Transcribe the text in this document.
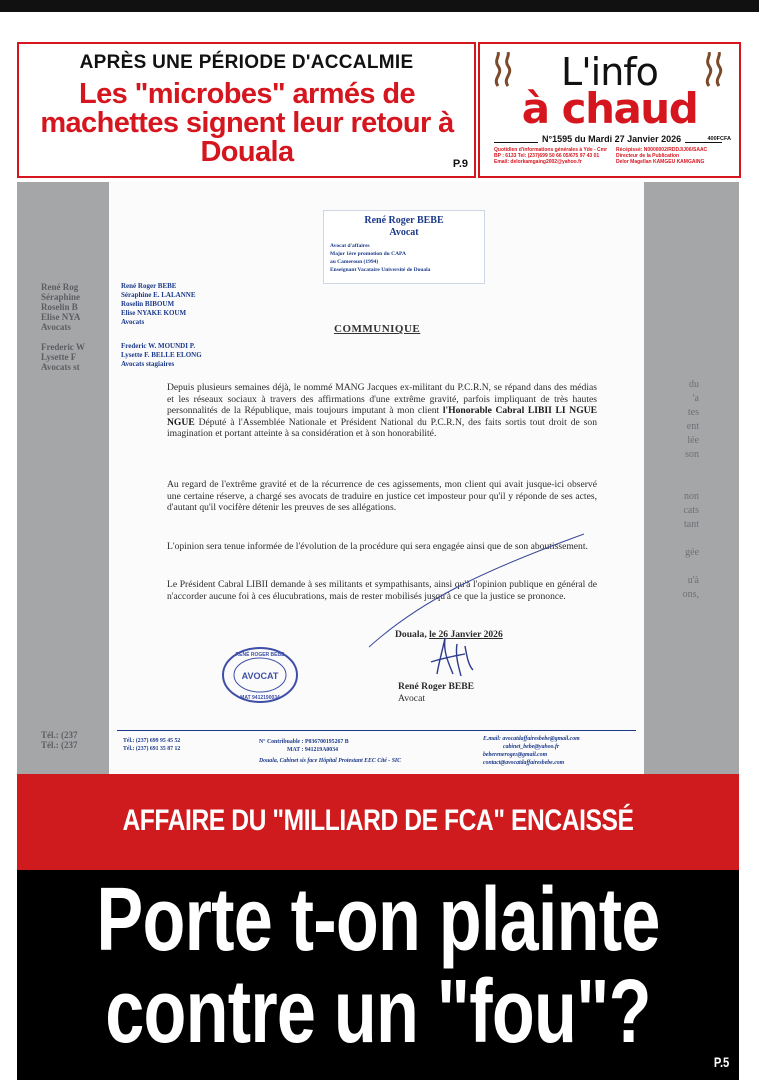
APRÈS UNE PÉRIODE D'ACCALMIE
Les "microbes" armés de machettes signent leur retour à Douala	P.9
L'info
à chaud
N°1595 du Mardi 27 Janvier 2026	400FCFA
Quotidien d'informations générales à Yde - Cmr
BP : 6133 Tel: (237)699 50 66 05/675 97 43 01
Email: delorkamgaing2002@yahoo.fr
Récépissé: N0000002/RDDJ/J06/SAAC
Directeur de la Publication
Delor Magellan KAMGEU KAMGAING
René Rog
Séraphine
Roselin B
Elise NYA
Avocats

Frederic W
Lysette F
Avocats st
Tél.: (237
Tél.: (237
du
'a
tes
ent
lée
son

non
cats
tant

gée

u'à
ons,
René Roger BEBE
Avocat
Avocat d'affaires
Major 1ère promotion du CAPA
au Cameroun (1994)
Enseignant Vacataire Université de Douala
René Roger BEBE
Séraphine E. LALANNE
Roselin BIBOUM
Elise NYAKE KOUM
Avocats
Frederic W. MOUNDI P.
Lysette F. BELLE ELONG
Avocats stagiaires
COMMUNIQUE
Depuis plusieurs semaines déjà, le nommé MANG Jacques ex-militant du P.C.R.N, se répand dans des médias et les réseaux sociaux à travers des affirmations d'une extrême gravité, parfois impliquant de très hautes personnalités de la République, mais toujours imputant à mon client l'Honorable Cabral LIBII LI NGUE NGUE Député à l'Assemblée Nationale et Président National du P.C.R.N, des faits sortis tout droit de son imagination et portant atteinte à sa considération et à son honorabilité.
Au regard de l'extrême gravité et de la récurrence de ces agissements, mon client qui avait jusque-ici observé une certaine réserve, a chargé ses avocats de traduire en justice cet imposteur pour qu'il y réponde de ses actes, d'autant qu'il vocifère détenir les preuves de ses allégations.
L'opinion sera tenue informée de l'évolution de la procédure qui sera engagée ainsi que de son aboutissement.
Le Président Cabral LIBII demande à ses militants et sympathisants, ainsi qu'à l'opinion publique en général de n'accorder aucune foi à ces élucubrations, mais de rester mobilisés jusqu'à ce que la justice se prononce.
Douala, le 26 Janvier 2026
AVOCAT
RENÉ ROGER BEBE
MAT 9412190034
René Roger BEBE
Avocat
Tél.: (237) 699 95 45 52
Tél.: (237) 691 35 87 12
N° Contribuable : P036700195267 B
MAT : 941219A0034
Douala, Cabinet sis face Hôpital Protestant EEC Cité - SIC
E.mail: avocatdaffairesbebe@gmail.com
cabinet_bebe@yahoo.fr
beberenerogeг@gmail.com
contact@avocatdaffairesbebe.com
AFFAIRE DU "MILLIARD DE FCA" ENCAISSÉ
Porte t-on plainte
contre un "fou"?	P.5
